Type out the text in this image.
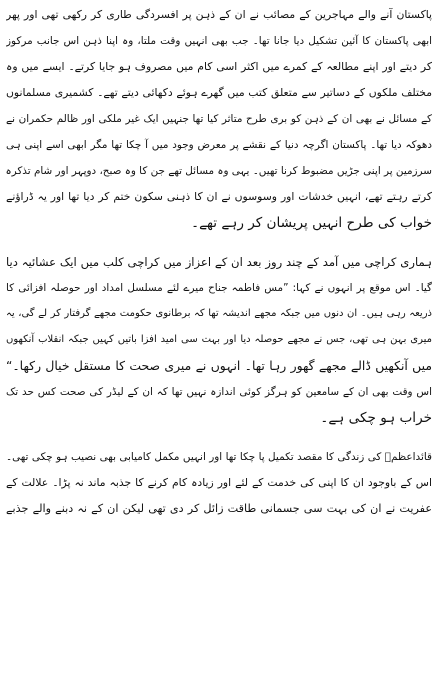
پاکستان آنے والے مہاجرین کے مصائب نے ان کے ذہن پر افسردگی طاری کر رکھی تھی اور پھر
ابھی پاکستان کا آئین تشکیل دیا جانا تھا۔ جب بھی انہیں وقت ملتا، وہ اپنا ذہن اس جانب مرکوز
کر دیتے اور اپنے مطالعہ کے کمرے میں اکثر اسی کام میں مصروف ہو جایا کرتے۔ ایسے میں وہ
مختلف ملکوں کے دساتیر سے متعلق کتب میں گھرے ہوئے دکھائی دیتے تھے۔ کشمیری مسلمانوں
کے مسائل نے بھی ان کے ذہن کو بری طرح متاثر کیا تھا جنہیں ایک غیر ملکی اور ظالم حکمران نے
دھوکہ دیا تھا۔ پاکستان اگرچہ دنیا کے نقشے پر معرض وجود میں آ چکا تھا مگر ابھی اسے اپنی ہی
سرزمین پر اپنی جڑیں مضبوط کرنا تھیں۔ یہی وہ مسائل تھے جن کا وہ صبح، دوپہر اور شام تذکرہ
کرتے رہتے تھے، انہیں خدشات اور وسوسوں نے ان کا ذہنی سکون ختم کر دیا تھا اور یہ ڈراؤنے
خواب کی طرح انہیں پریشان کر رہے تھے۔
ہماری کراچی میں آمد کے چند روز بعد ان کے اعزاز میں کراچی کلب میں ایک عشائیہ دیا
گیا۔ اس موقع پر انہوں نے کہا: ”مس فاطمہ جناح میرے لئے مسلسل امداد اور حوصلہ افزائی کا
ذریعہ رہی ہیں۔ ان دنوں میں جبکہ مجھے اندیشہ تھا کہ برطانوی حکومت مجھے گرفتار کر لے گی، یہ
میری بہن ہی تھی، جس نے مجھے حوصلہ دیا اور بہت سی امید افزا باتیں کہیں جبکہ انقلاب آنکھوں
میں آنکھیں ڈالے مجھے گھور رہا تھا۔ انہوں نے میری صحت کا مستقل خیال رکھا۔“
اس وقت بھی ان کے سامعین کو ہرگز کوئی اندازہ نہیں تھا کہ ان کے لیڈر کی صحت کس حد تک
خراب ہو چکی ہے۔
قائداعظمؒ کی زندگی کا مقصد تکمیل پا چکا تھا اور انہیں مکمل کامیابی بھی نصیب ہو چکی تھی۔
اس کے باوجود ان کا اپنی کی خدمت کے لئے اور زیادہ کام کرنے کا جذبہ ماند نہ پڑا۔ علالت کے
عفریت نے ان کی بہت سی جسمانی طاقت زائل کر دی تھی لیکن ان کے نہ دبنے والے جذبے
